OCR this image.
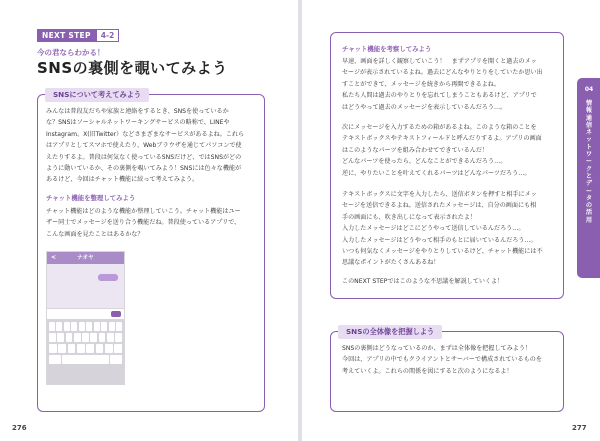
NEXT STEP	4-2
今の君ならわかる！
SNSの裏側を覗いてみよう
SNSについて考えてみよう
みんなは普段友だちや家族と連絡をするとき、SNSを使っているか
な？SNSはソーシャルネットワーキングサービスの略称で、LINEや
Instagram、X(旧Twitter）などさまざまなサービスがあるよね。これら
はアプリとしてスマホで使えたり、Webブラウザを通じてパソコンで使
えたりするよ。普段は何気なく使っているSNSだけど、ではSNSがどの
ように動いているか、その裏側を覗いてみよう！SNSには色々な機能が
あるけど、今回はチャット機能に絞って考えてみよう。
チャット機能を整理してみよう
チャット機能はどのような機能か整理していこう。チャット機能はユー
ザー同士でメッセージを送り合う機能だね。普段使っているアプリで、
こんな画面を見たことはあるかな？
<	ナオヤ
チャット機能を考察してみよう
早速、画面を詳しく観察していこう！　まずアプリを開くと過去のメッ
セージが表示されているよね。過去にどんなやりとりをしていたか思い出
すことができて、メッセージを続きから再開できるよね。
私たち人間は過去のやりとりを忘れてしまうこともあるけど、アプリで
はどうやって過去のメッセージを表示しているんだろう…。
次にメッセージを入力するための箱があるよね。このような箱のことを
テキストボックスやテキストフィールドと呼んだりするよ。アプリの画面
はこのようなパーツを組み合わせてできているんだ！
どんなパーツを使ったら、どんなことができるんだろう…。
逆に、やりたいことを叶えてくれるパーツはどんなパーツだろう…。
テキストボックスに文字を入力したら、送信ボタンを押すと相手にメッ
セージを送信できるよね。送信されたメッセージは、自分の画面にも相
手の画面にも、吹き出しになって表示されたよ！
入力したメッセージはどこにどうやって送信しているんだろう…。
入力したメッセージはどうやって相手のもとに届いているんだろう…。
いつも何気なくメッセージをやりとりしているけど、チャット機能には不
思議なポイントがたくさんあるね！
このNEXT STEPではこのような不思議を解説していくよ！
SNSの全体像を把握しよう
SNSの裏側はどうなっているのか、まずは全体像を把握してみよう！
今回は、アプリの中でもクライアントとサーバーで構成されているものを
考えていくよ。これらの関係を図にすると次のようになるよ！
276	277
04
情報通信ネットワークとデータの活用
